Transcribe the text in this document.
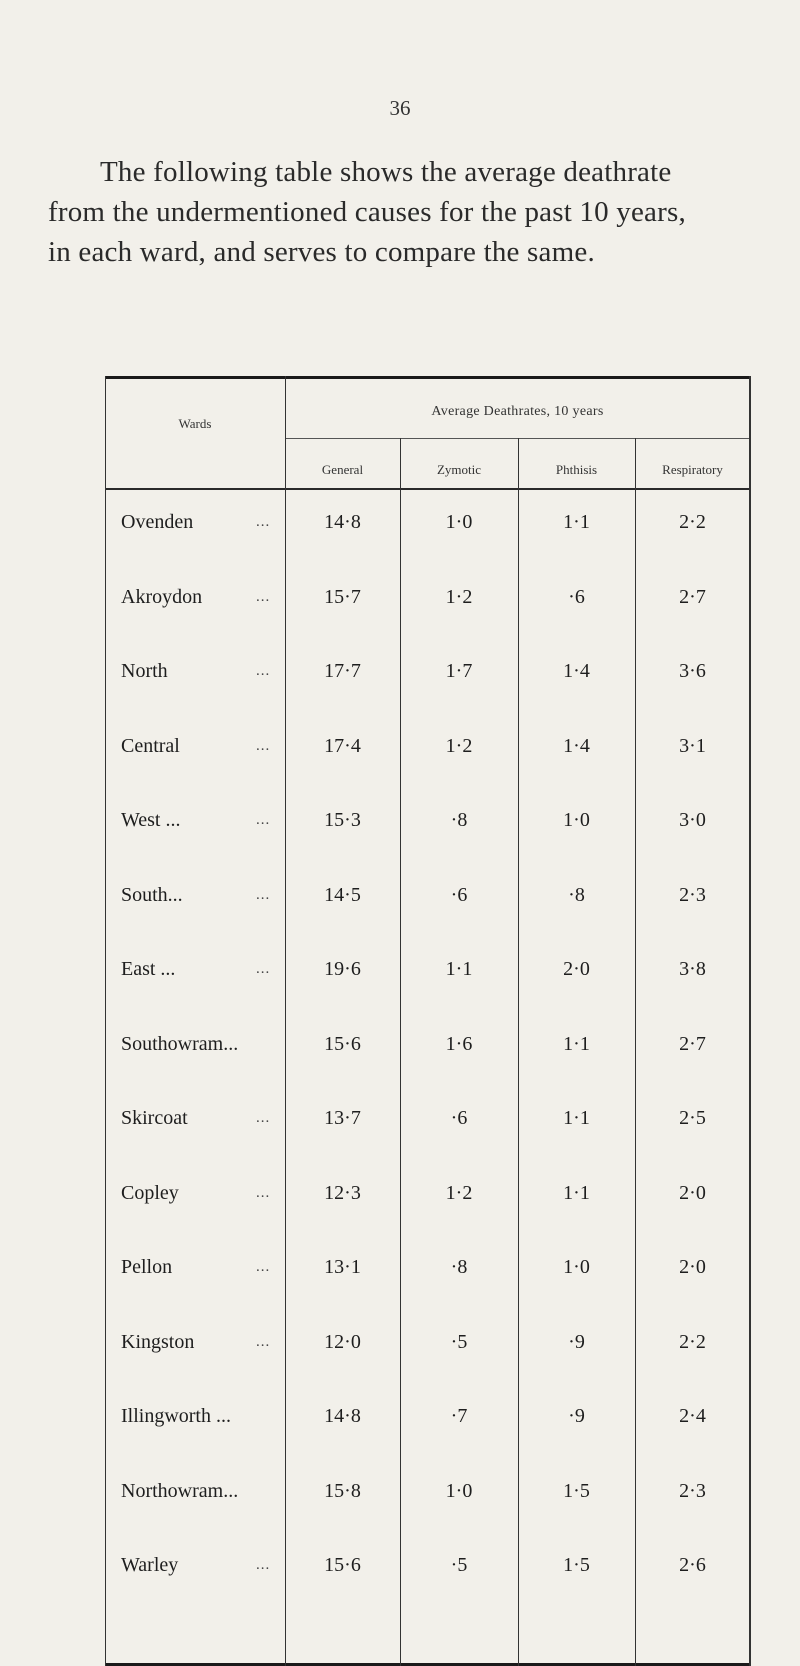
36
The following table shows the average deathrate
from the undermentioned causes for the past 10 years,
in each ward, and serves to compare the same.
Wards
Average Deathrates, 10 years
General	Zymotic	Phthisis	Respiratory
Ovenden	...	14·8	1·0	1·1	2·2
Akroydon	...	15·7	1·2	·6	2·7
North	...	17·7	1·7	1·4	3·6
Central	...	17·4	1·2	1·4	3·1
West ...	...	15·3	·8	1·0	3·0
South...	...	14·5	·6	·8	2·3
East ...	...	19·6	1·1	2·0	3·8
Southowram...	15·6	1·6	1·1	2·7
Skircoat	...	13·7	·6	1·1	2·5
Copley	...	12·3	1·2	1·1	2·0
Pellon	...	13·1	·8	1·0	2·0
Kingston	...	12·0	·5	·9	2·2
Illingworth ...	14·8	·7	·9	2·4
Northowram...	15·8	1·0	1·5	2·3
Warley	...	15·6	·5	1·5	2·6
